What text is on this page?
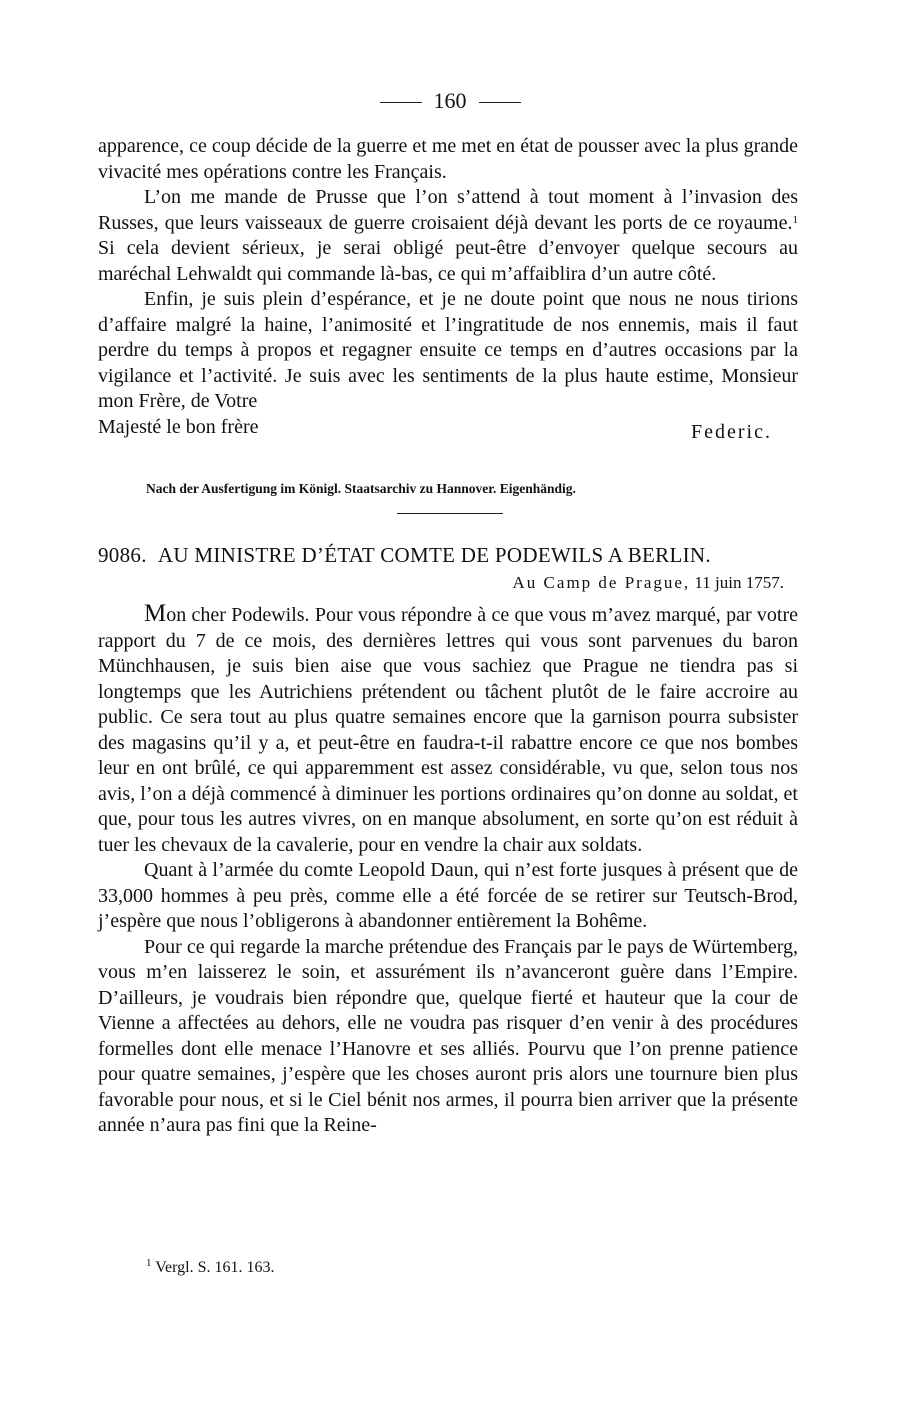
160

apparence, ce coup décide de la guerre et me met en état de pousser avec la plus grande vivacité mes opérations contre les Français.

L’on me mande de Prusse que l’on s’attend à tout moment à l’invasion des Russes, que leurs vaisseaux de guerre croisaient déjà devant les ports de ce royaume.$^1$ Si cela devient sérieux, je serai obligé peut-être d’envoyer quelque secours au maréchal Lehwaldt qui commande là-bas, ce qui m’affaiblira d’un autre côté.

Enfin, je suis plein d’espérance, et je ne doute point que nous ne nous tirions d’affaire malgré la haine, l’animosité et l’ingratitude de nos ennemis, mais il faut perdre du temps à propos et regagner ensuite ce temps en d’autres occasions par la vigilance et l’activité. Je suis avec les sentiments de la plus haute estime, Monsieur mon Frère, de Votre

Majesté le bon frère	Federic.
Nach der Ausfertigung im Königl. Staatsarchiv zu Hannover. Eigenhändig.
9086. AU MINISTRE D’ÉTAT COMTE DE PODEWILS A BERLIN.
Au Camp de Prague, 11 juin 1757.

Mon cher Podewils. Pour vous répondre à ce que vous m’avez marqué, par votre rapport du 7 de ce mois, des dernières lettres qui vous sont parvenues du baron Münchhausen, je suis bien aise que vous sachiez que Prague ne tiendra pas si longtemps que les Autrichiens prétendent ou tâchent plutôt de le faire accroire au public. Ce sera tout au plus quatre semaines encore que la garnison pourra subsister des magasins qu’il y a, et peut-être en faudra-t-il rabattre encore ce que nos bombes leur en ont brûlé, ce qui apparemment est assez considérable, vu que, selon tous nos avis, l’on a déjà commencé à diminuer les portions ordinaires qu’on donne au soldat, et que, pour tous les autres vivres, on en manque absolument, en sorte qu’on est réduit à tuer les chevaux de la cavalerie, pour en vendre la chair aux soldats.

Quant à l’armée du comte Leopold Daun, qui n’est forte jusques à présent que de 33,000 hommes à peu près, comme elle a été forcée de se retirer sur Teutsch-Brod, j’espère que nous l’obligerons à abandonner entièrement la Bohême.

Pour ce qui regarde la marche prétendue des Français par le pays de Würtemberg, vous m’en laisserez le soin, et assurément ils n’avanceront guère dans l’Empire. D’ailleurs, je voudrais bien répondre que, quelque fierté et hauteur que la cour de Vienne a affectées au dehors, elle ne voudra pas risquer d’en venir à des procédures formelles dont elle menace l’Hanovre et ses alliés. Pourvu que l’on prenne patience pour quatre semaines, j’espère que les choses auront pris alors une tournure bien plus favorable pour nous, et si le Ciel bénit nos armes, il pourra bien arriver que la présente année n’aura pas fini que la Reine-

$^1$ Vergl. S. 161. 163.
